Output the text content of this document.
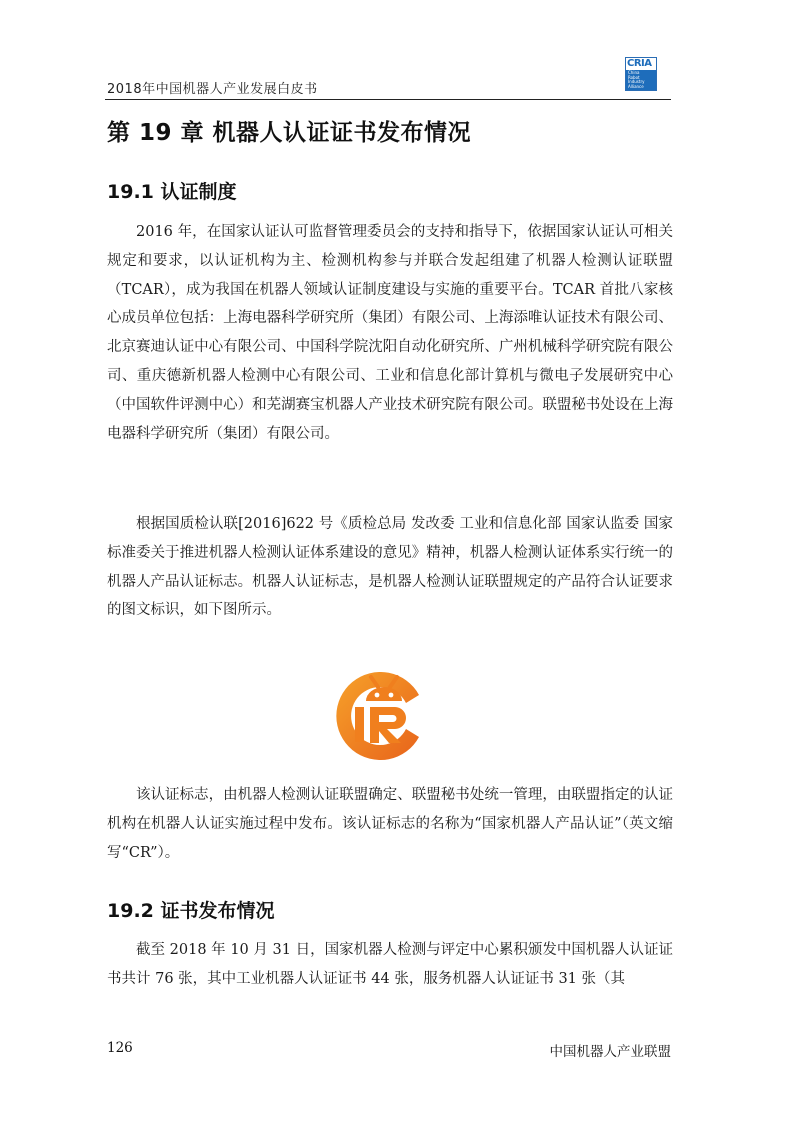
2018年中国机器人产业发展白皮书
CRIA
China
Robot
Industry
Alliance
第 19 章 机器人认证证书发布情况
19.1 认证制度

2016 年，在国家认证认可监督管理委员会的支持和指导下，依据国家认证认可相关规定和要求，以认证机构为主、检测机构参与并联合发起组建了机器人检测认证联盟（TCAR），成为我国在机器人领域认证制度建设与实施的重要平台。TCAR 首批八家核心成员单位包括：上海电器科学研究所（集团）有限公司、上海添唯认证技术有限公司、北京赛迪认证中心有限公司、中国科学院沈阳自动化研究所、广州机械科学研究院有限公司、重庆德新机器人检测中心有限公司、工业和信息化部计算机与微电子发展研究中心（中国软件评测中心）和芜湖赛宝机器人产业技术研究院有限公司。联盟秘书处设在上海电器科学研究所（集团）有限公司。

根据国质检认联[2016]622 号《质检总局 发改委 工业和信息化部 国家认监委 国家标准委关于推进机器人检测认证体系建设的意见》精神，机器人检测认证体系实行统一的机器人产品认证标志。机器人认证标志，是机器人检测认证联盟规定的产品符合认证要求的图文标识，如下图所示。

该认证标志，由机器人检测认证联盟确定、联盟秘书处统一管理，由联盟指定的认证机构在机器人认证实施过程中发布。该认证标志的名称为“国家机器人产品认证”（英文缩写“CR”）。

19.2 证书发布情况

截至 2018 年 10 月 31 日，国家机器人检测与评定中心累积颁发中国机器人认证证书共计 76 张，其中工业机器人认证证书 44 张，服务机器人认证证书 31 张（其

126	中国机器人产业联盟
